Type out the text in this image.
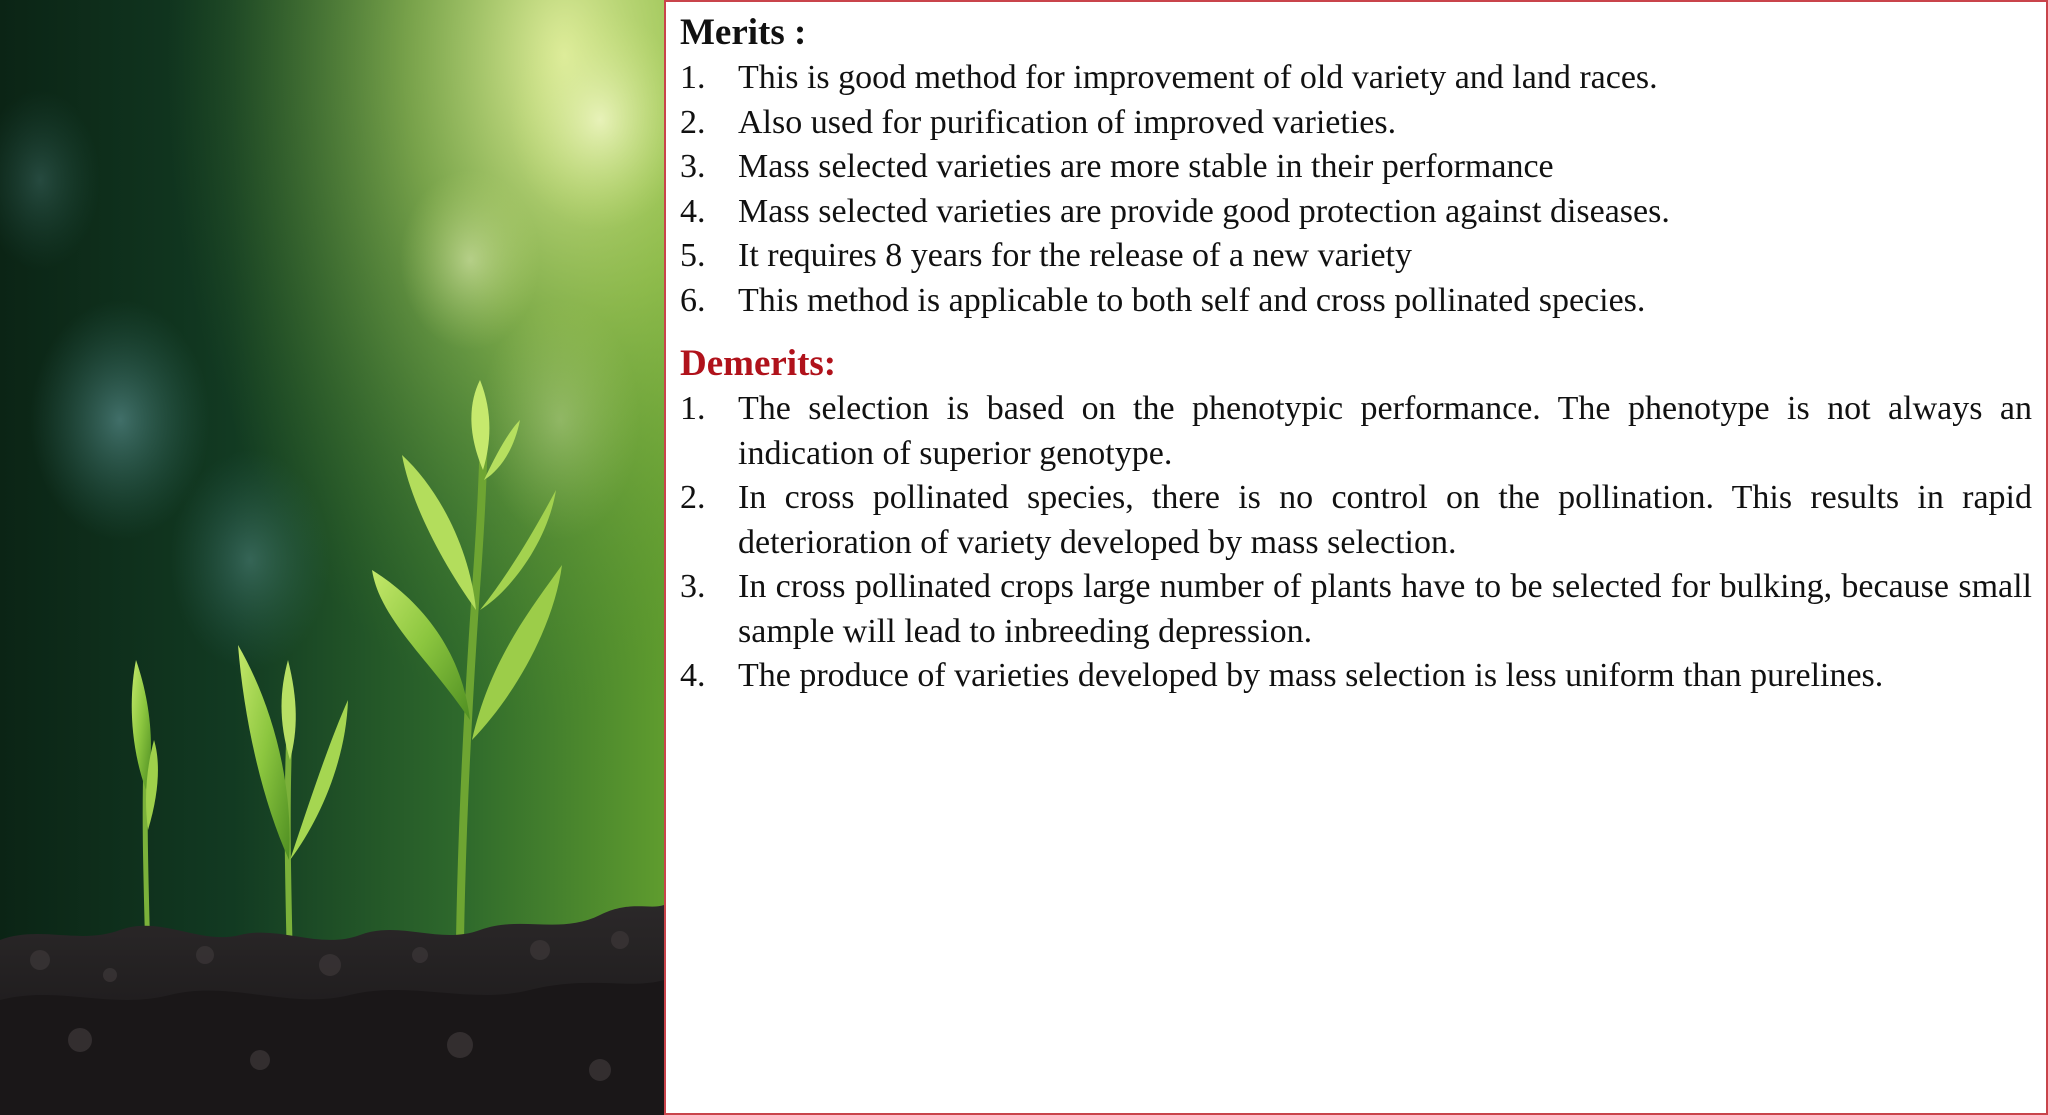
Merits :
1. This is good method for improvement of old variety and land races.
2. Also used for purification of improved varieties.
3. Mass selected varieties are more stable in their performance
4. Mass selected varieties are provide good protection against diseases.
5. It requires 8 years for the release of a new variety
6. This method is applicable to both self and cross pollinated species.
Demerits:
1. The selection is based on the phenotypic performance. The phenotype is not always an indication of superior genotype.
2. In cross pollinated species, there is no control on the pollination. This results in rapid deterioration of variety developed by mass selection.
3. In cross pollinated crops large number of plants have to be selected for bulking, because small sample will lead to inbreeding depression.
4. The produce of varieties developed by mass selection is less uniform than purelines.
